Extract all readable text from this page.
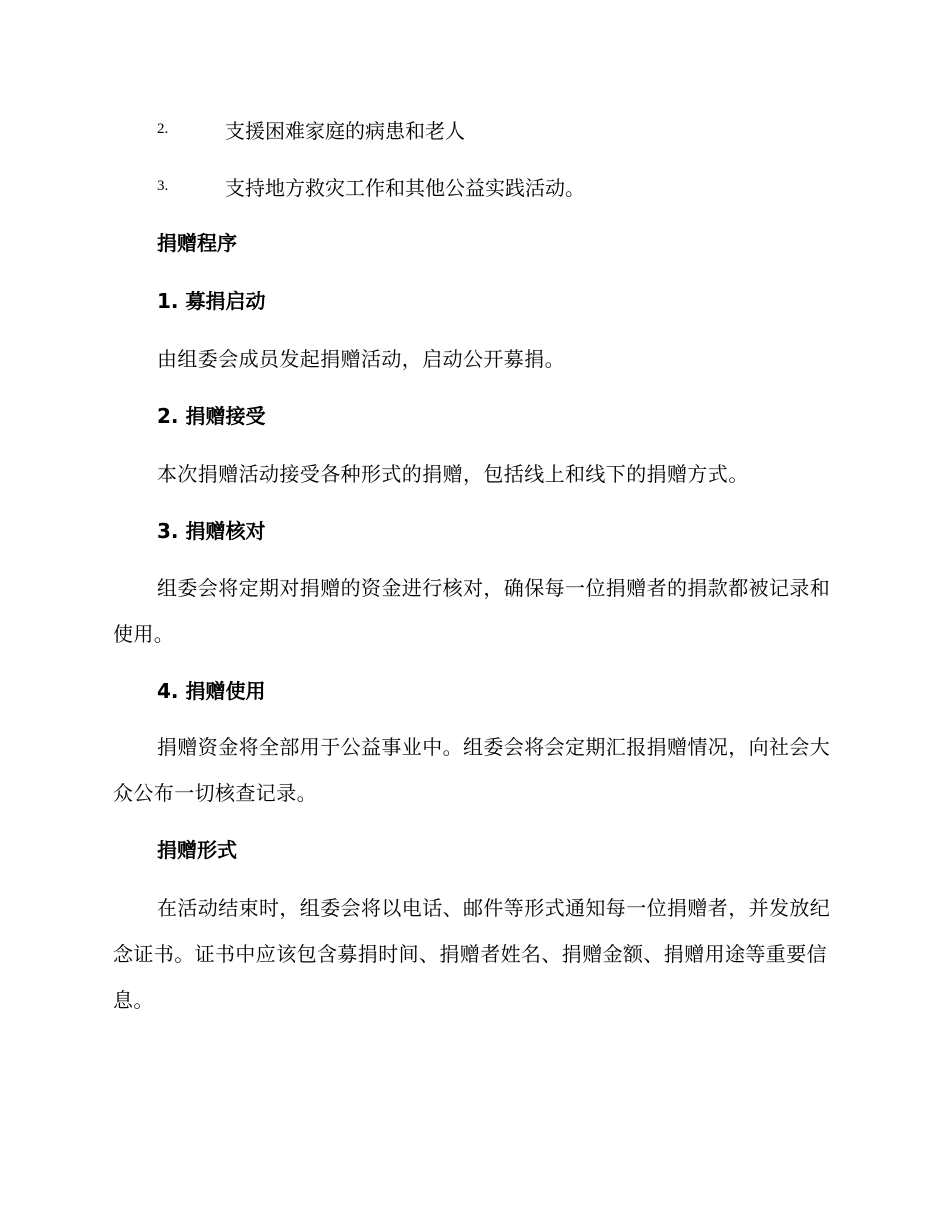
2.	支援困难家庭的病患和老人
3.	支持地方救灾工作和其他公益实践活动。
捐赠程序
1. 募捐启动
由组委会成员发起捐赠活动，启动公开募捐。
2. 捐赠接受
本次捐赠活动接受各种形式的捐赠，包括线上和线下的捐赠方式。
3. 捐赠核对
组委会将定期对捐赠的资金进行核对，确保每一位捐赠者的捐款都被记录和使用。
4. 捐赠使用
捐赠资金将全部用于公益事业中。组委会将会定期汇报捐赠情况，向社会大众公布一切核查记录。
捐赠形式
在活动结束时，组委会将以电话、邮件等形式通知每一位捐赠者，并发放纪念证书。证书中应该包含募捐时间、捐赠者姓名、捐赠金额、捐赠用途等重要信息。
